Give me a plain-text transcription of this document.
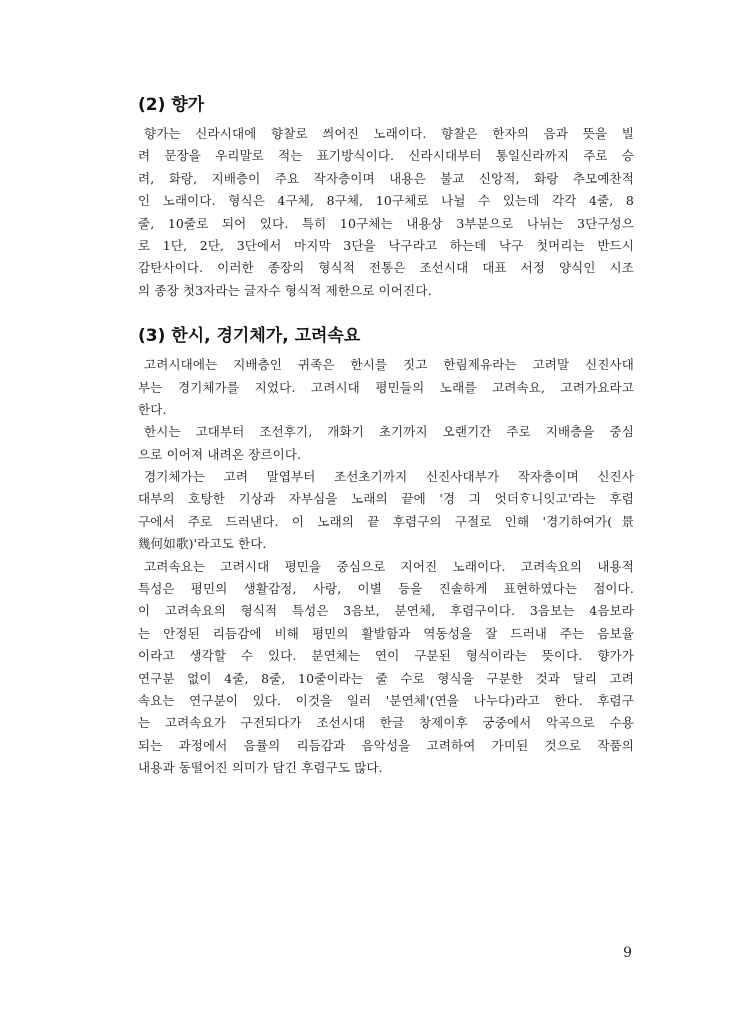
(2) 향가
향가는 신라시대에 향찰로 씌어진 노래이다. 향찰은 한자의 음과 뜻을 빌
려 문장을 우리말로 적는 표기방식이다. 신라시대부터 통일신라까지 주로 승
려, 화랑, 지배층이 주요 작자층이며 내용은 불교 신앙적, 화랑 추모예찬적
인 노래이다. 형식은 4구체, 8구체, 10구체로 나뉠 수 있는데 각각 4줄, 8
줄, 10줄로 되어 있다. 특히 10구체는 내용상 3부분으로 나뉘는 3단구성으
로 1단, 2단, 3단에서 마지막 3단을 낙구라고 하는데 낙구 첫머리는 반드시
감탄사이다. 이러한 종장의 형식적 전통은 조선시대 대표 서정 양식인 시조
의 종장 첫3자라는 글자수 형식적 제한으로 이어진다.
(3) 한시, 경기체가, 고려속요
고려시대에는 지배층인 귀족은 한시를 짓고 한림제유라는 고려말 신진사대
부는 경기체가를 지었다. 고려시대 평민들의 노래를 고려속요, 고려가요라고
한다.
한시는 고대부터 조선후기, 개화기 초기까지 오랜기간 주로 지배층을 중심
으로 이어져 내려온 장르이다.
경기체가는 고려 말엽부터 조선초기까지 신진사대부가 작자층이며 신진사
대부의 호탕한 기상과 자부심을 노래의 끝에 '경 긔 엇더ᄒᆞ니잇고'라는 후렴
구에서 주로 드러낸다. 이 노래의 끝 후렴구의 구절로 인해 '경기하여가(景
幾何如歌)'라고도 한다.
고려속요는 고려시대 평민을 중심으로 지어진 노래이다. 고려속요의 내용적
특성은 평민의 생활감정, 사랑, 이별 등을 진솔하게 표현하였다는 점이다.
이 고려속요의 형식적 특성은 3음보, 분연체, 후렴구이다. 3음보는 4음보라
는 안정된 리듬감에 비해 평민의 활발함과 역동성을 잘 드러내 주는 음보율
이라고 생각할 수 있다. 분연체는 연이 구분된 형식이라는 뜻이다. 향가가
연구분 없이 4줄, 8줄, 10줄이라는 줄 수로 형식을 구분한 것과 달리 고려
속요는 연구분이 있다. 이것을 일러 '분연체'(연을 나누다)라고 한다. 후렴구
는 고려속요가 구전되다가 조선시대 한글 창제이후 궁중에서 악곡으로 수용
되는 과정에서 음률의 리듬감과 음악성을 고려하여 가미된 것으로 작품의
내용과 동떨어진 의미가 담긴 후렴구도 많다.
9
